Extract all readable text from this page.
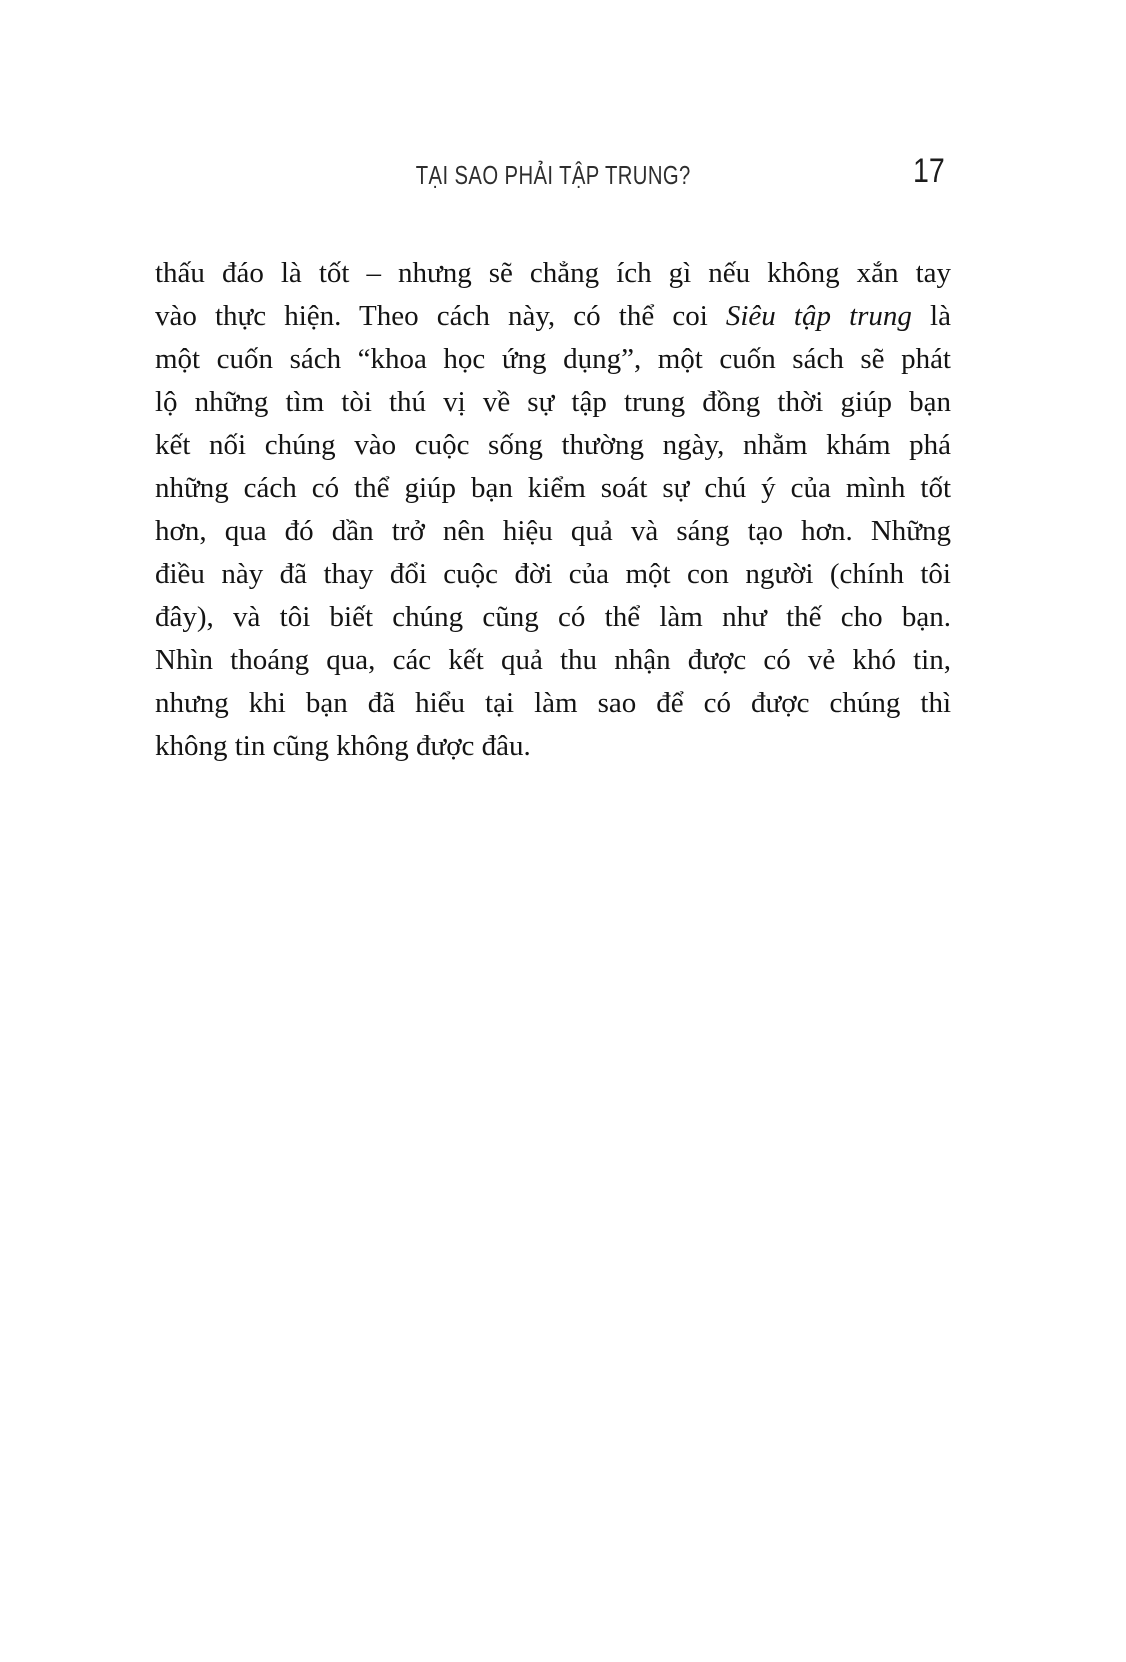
TẠI SAO PHẢI TẬP TRUNG?	17
thấu đáo là tốt – nhưng sẽ chẳng ích gì nếu không xắn tay
vào thực hiện. Theo cách này, có thể coi Siêu tập trung là
một cuốn sách “khoa học ứng dụng”, một cuốn sách sẽ phát
lộ những tìm tòi thú vị về sự tập trung đồng thời giúp bạn
kết nối chúng vào cuộc sống thường ngày, nhằm khám phá
những cách có thể giúp bạn kiểm soát sự chú ý của mình tốt
hơn, qua đó dần trở nên hiệu quả và sáng tạo hơn. Những
điều này đã thay đổi cuộc đời của một con người (chính tôi
đây), và tôi biết chúng cũng có thể làm như thế cho bạn.
Nhìn thoáng qua, các kết quả thu nhận được có vẻ khó tin,
nhưng khi bạn đã hiểu tại làm sao để có được chúng thì
không tin cũng không được đâu.
